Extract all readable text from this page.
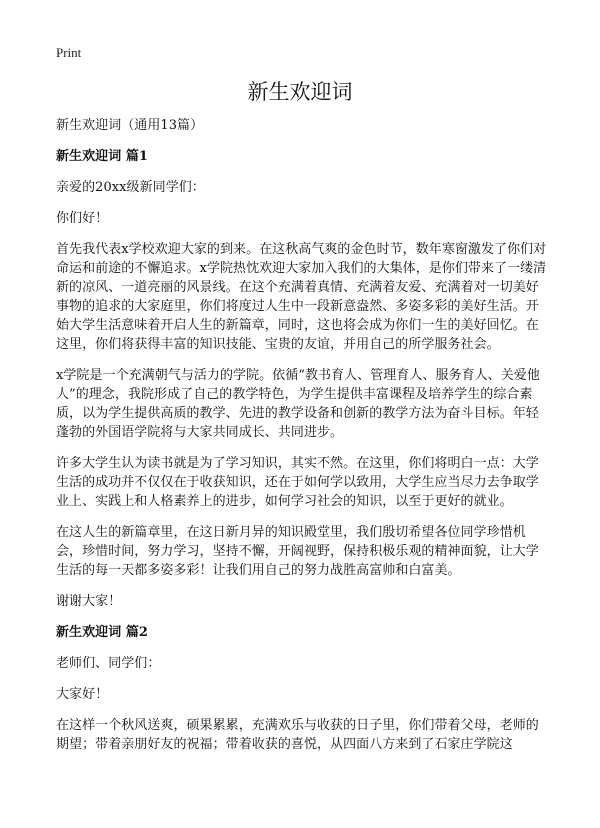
Print
新生欢迎词

新生欢迎词（通用13篇）

新生欢迎词 篇1

亲爱的20xx级新同学们：

你们好！

首先我代表x学校欢迎大家的到来。在这秋高气爽的金色时节，数年寒窗激发了你们对命运和前途的不懈追求。x学院热忱欢迎大家加入我们的大集体，是你们带来了一缕清新的凉风、一道亮丽的风景线。在这个充满着真情、充满着友爱、充满着对一切美好事物的追求的大家庭里，你们将度过人生中一段新意盎然、多姿多彩的美好生活。开始大学生活意味着开启人生的新篇章，同时，这也将会成为你们一生的美好回忆。在这里，你们将获得丰富的知识技能、宝贵的友谊，并用自己的所学服务社会。

x学院是一个充满朝气与活力的学院。依循“教书育人、管理育人、服务育人、关爱他人”的理念，我院形成了自己的教学特色，为学生提供丰富课程及培养学生的综合素质，以为学生提供高质的教学、先进的教学设备和创新的教学方法为奋斗目标。年轻蓬勃的外国语学院将与大家共同成长、共同进步。

许多大学生认为读书就是为了学习知识，其实不然。在这里，你们将明白一点：大学生活的成功并不仅仅在于收获知识，还在于如何学以致用，大学生应当尽力去争取学业上、实践上和人格素养上的进步，如何学习社会的知识，以至于更好的就业。

在这人生的新篇章里，在这日新月异的知识殿堂里，我们殷切希望各位同学珍惜机会，珍惜时间，努力学习，坚持不懈，开阔视野，保持积极乐观的精神面貌，让大学生活的每一天都多姿多彩！让我们用自己的努力战胜高富帅和白富美。

谢谢大家！

新生欢迎词 篇2

老师们、同学们：

大家好！

在这样一个秋风送爽，硕果累累，充满欢乐与收获的日子里，你们带着父母，老师的期望；带着亲朋好友的祝福；带着收获的喜悦，从四面八方来到了石家庄学院这
